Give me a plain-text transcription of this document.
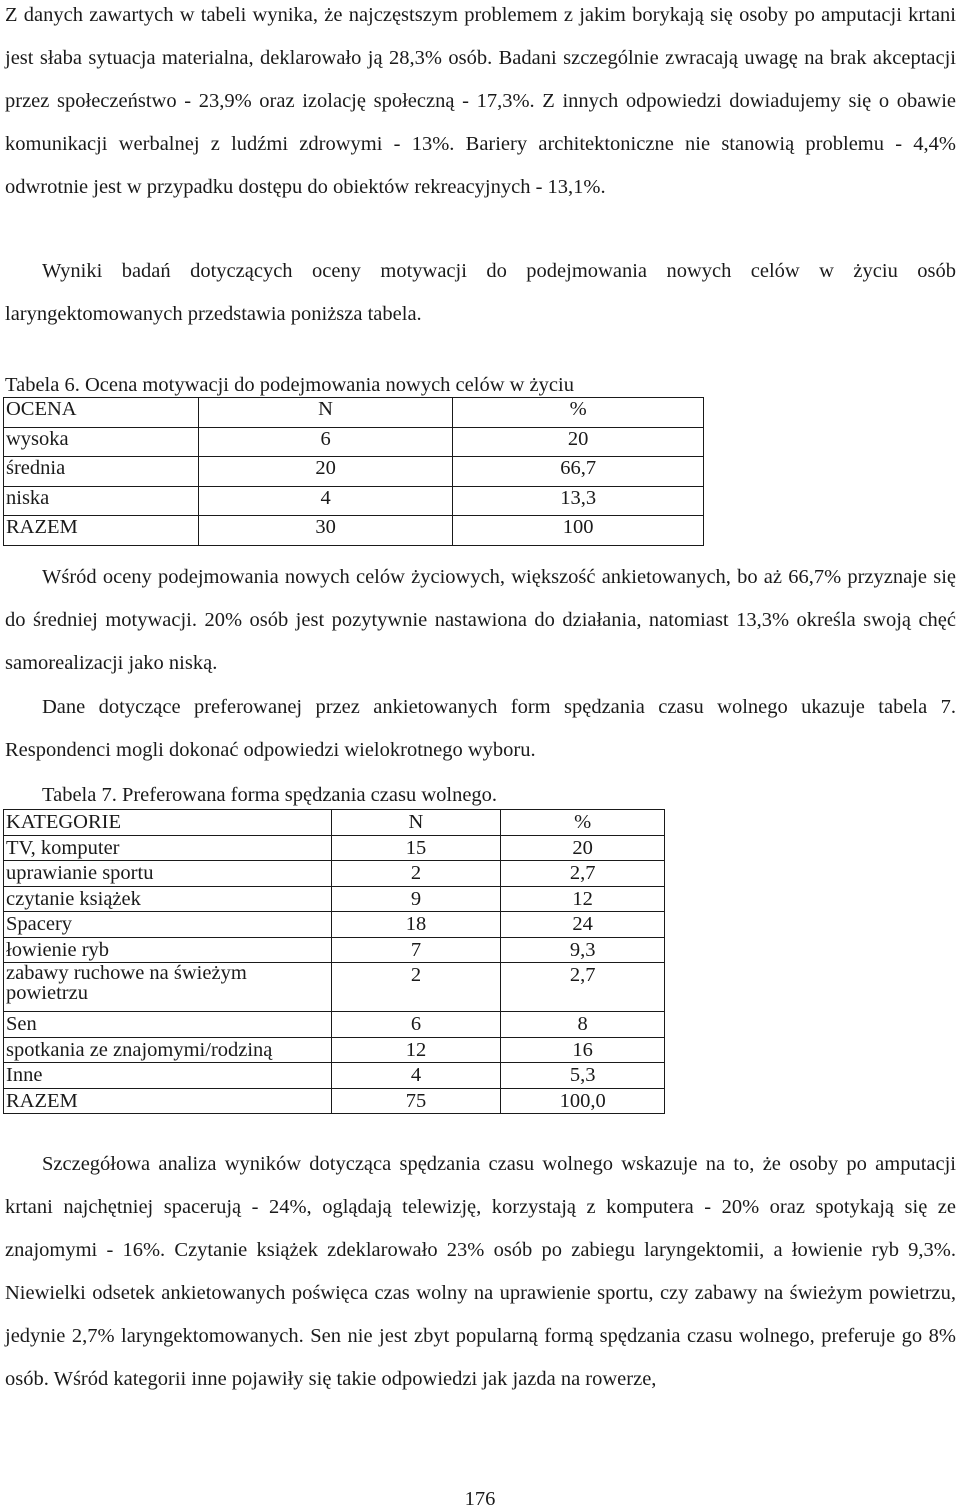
Z danych zawartych w tabeli wynika, że najczęstszym problemem z jakim borykają się osoby po amputacji krtani jest słaba sytuacja materialna, deklarowało ją 28,3% osób. Badani szczególnie zwracają uwagę na brak akceptacji przez społeczeństwo - 23,9% oraz izolację społeczną - 17,3%. Z innych odpowiedzi dowiadujemy się o obawie komunikacji werbalnej z ludźmi zdrowymi - 13%. Bariery architektoniczne nie stanowią problemu - 4,4% odwrotnie jest w przypadku dostępu do obiektów rekreacyjnych - 13,1%.

Wyniki badań dotyczących oceny motywacji do podejmowania nowych celów w życiu osób laryngektomowanych przedstawia poniższa tabela.

Tabela 6. Ocena motywacji do podejmowania nowych celów w życiu

OCENA	N	%
wysoka	6	20
średnia	20	66,7
niska	4	13,3
RAZEM	30	100

Wśród oceny podejmowania nowych celów życiowych, większość ankietowanych, bo aż 66,7% przyznaje się do średniej motywacji. 20% osób jest pozytywnie nastawiona do działania, natomiast 13,3% określa swoją chęć samorealizacji jako niską.

Dane dotyczące preferowanej przez ankietowanych form spędzania czasu wolnego ukazuje tabela 7. Respondenci mogli dokonać odpowiedzi wielokrotnego wyboru.

Tabela 7. Preferowana forma spędzania czasu wolnego.

KATEGORIE	N	%
TV, komputer	15	20
uprawianie sportu	2	2,7
czytanie książek	9	12
Spacery	18	24
łowienie ryb	7	9,3
zabawy ruchowe na świeżym powietrzu	2	2,7
Sen	6	8
spotkania ze znajomymi/rodziną	12	16
Inne	4	5,3
RAZEM	75	100,0

Szczegółowa analiza wyników dotycząca spędzania czasu wolnego wskazuje na to, że osoby po amputacji krtani najchętniej spacerują - 24%, oglądają telewizję, korzystają z komputera - 20% oraz spotykają się ze znajomymi - 16%. Czytanie książek zdeklarowało 23% osób po zabiegu laryngektomii, a łowienie ryb 9,3%. Niewielki odsetek ankietowanych poświęca czas wolny na uprawienie sportu, czy zabawy na świeżym powietrzu, jedynie 2,7% laryngektomowanych. Sen nie jest zbyt popularną formą spędzania czasu wolnego, preferuje go 8% osób. Wśród kategorii inne pojawiły się takie odpowiedzi jak jazda na rowerze,

176
